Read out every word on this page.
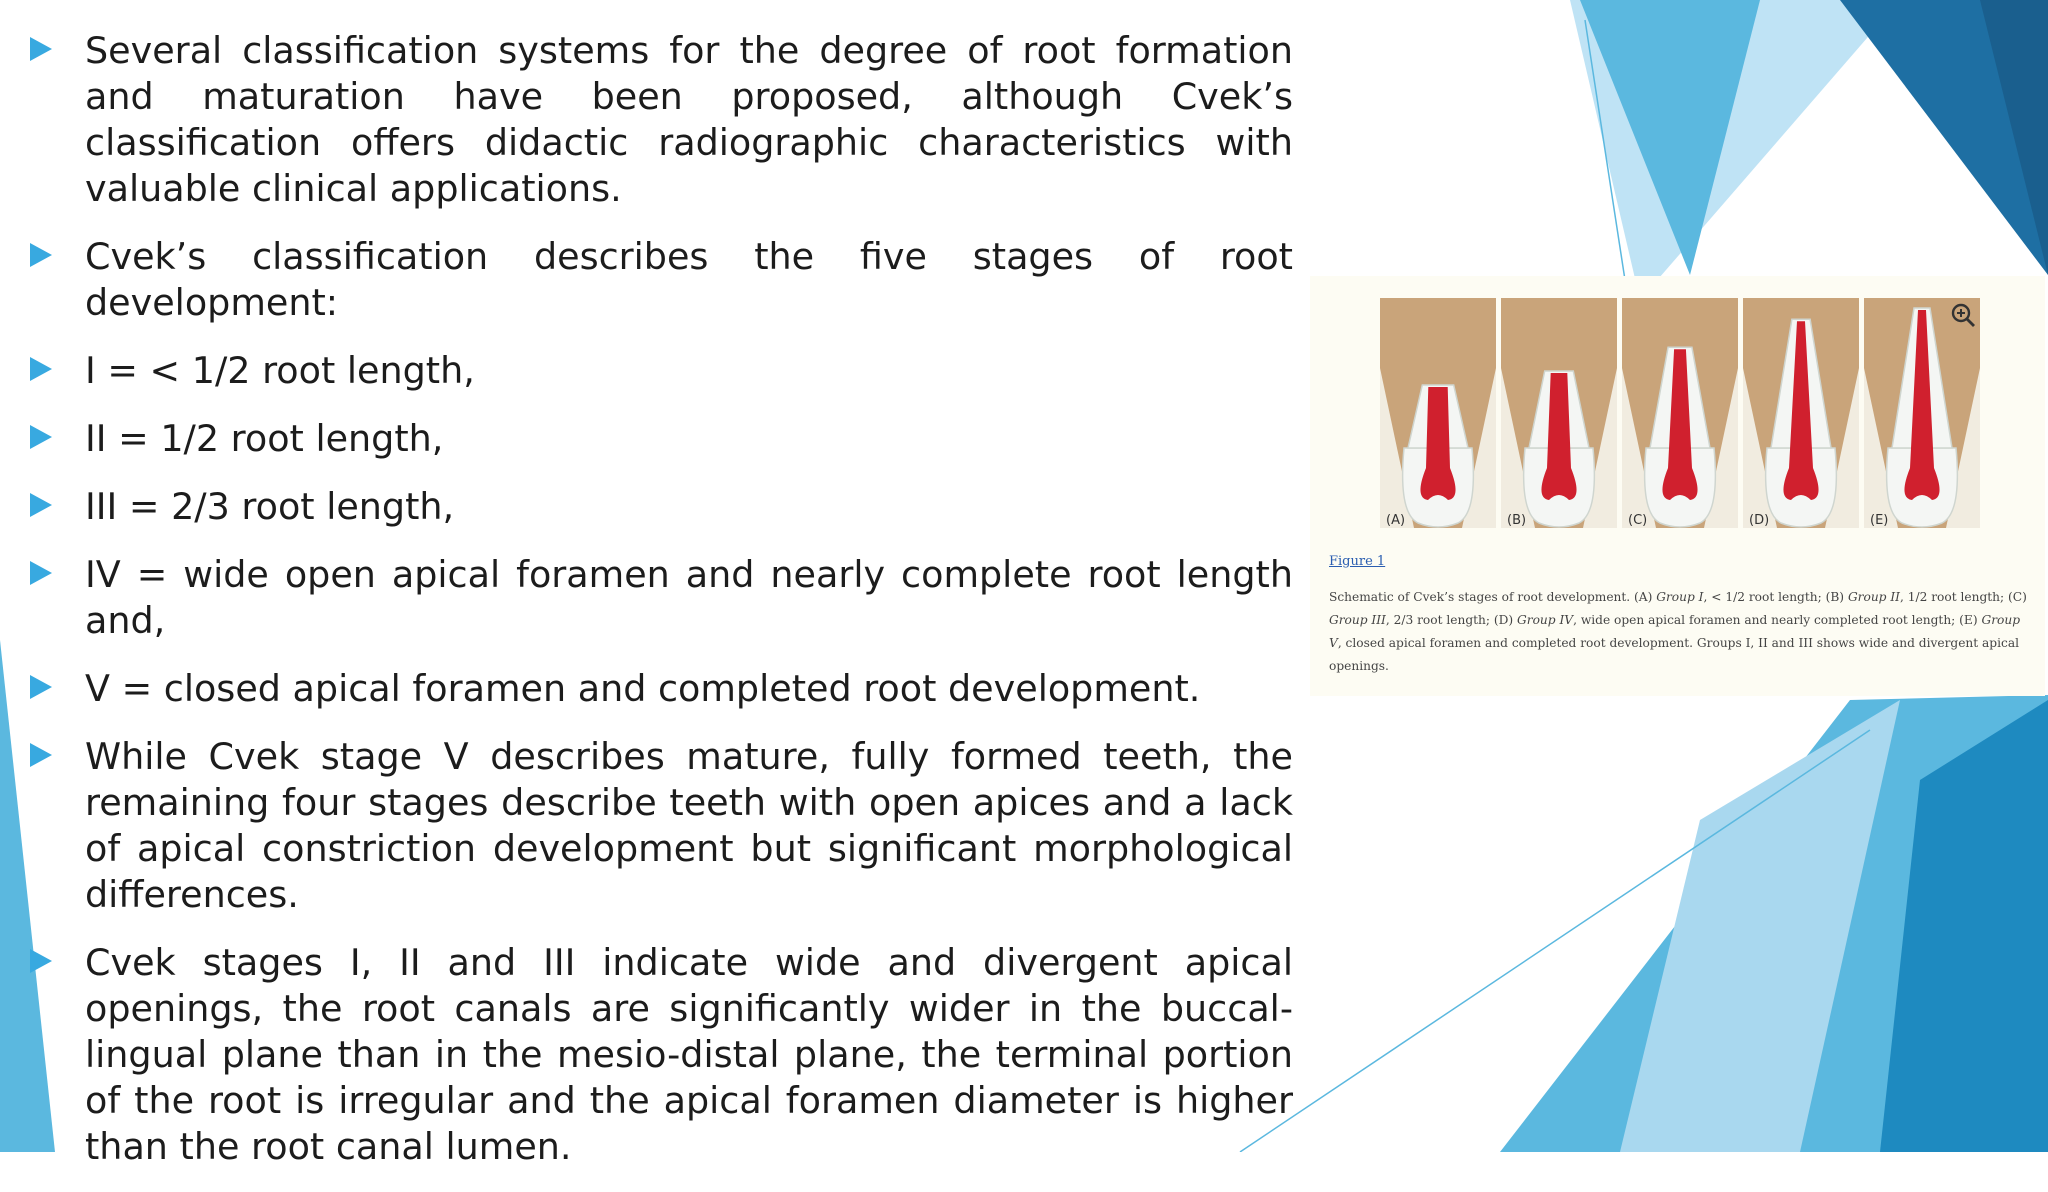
Several classification systems for the degree of root formation and maturation have been proposed, although Cvek’s classification offers didactic radiographic characteristics with valuable clinical applications.
Cvek’s classification describes the five stages of root development:
I = < 1/2 root length,
II = 1/2 root length,
III = 2/3 root length,
IV = wide open apical foramen and nearly complete root length and,
V = closed apical foramen and completed root development.
While Cvek stage V describes mature, fully formed teeth, the remaining four stages describe teeth with open apices and a lack of apical constriction development but significant morphological differences.
Cvek stages I, II and III indicate wide and divergent apical openings, the root canals are significantly wider in the buccal-lingual plane than in the mesio-distal plane, the terminal portion of the root is irregular and the apical foramen diameter is higher than the root canal lumen.
(A)	(B)	(C)	(D)	(E)
Figure 1

Schematic of Cvek’s stages of root development. (A) Group I, < 1/2 root length; (B) Group II, 1/2 root length; (C) Group III, 2/3 root length; (D) Group IV, wide open apical foramen and nearly completed root length; (E) Group V, closed apical foramen and completed root development. Groups I, II and III shows wide and divergent apical openings.
